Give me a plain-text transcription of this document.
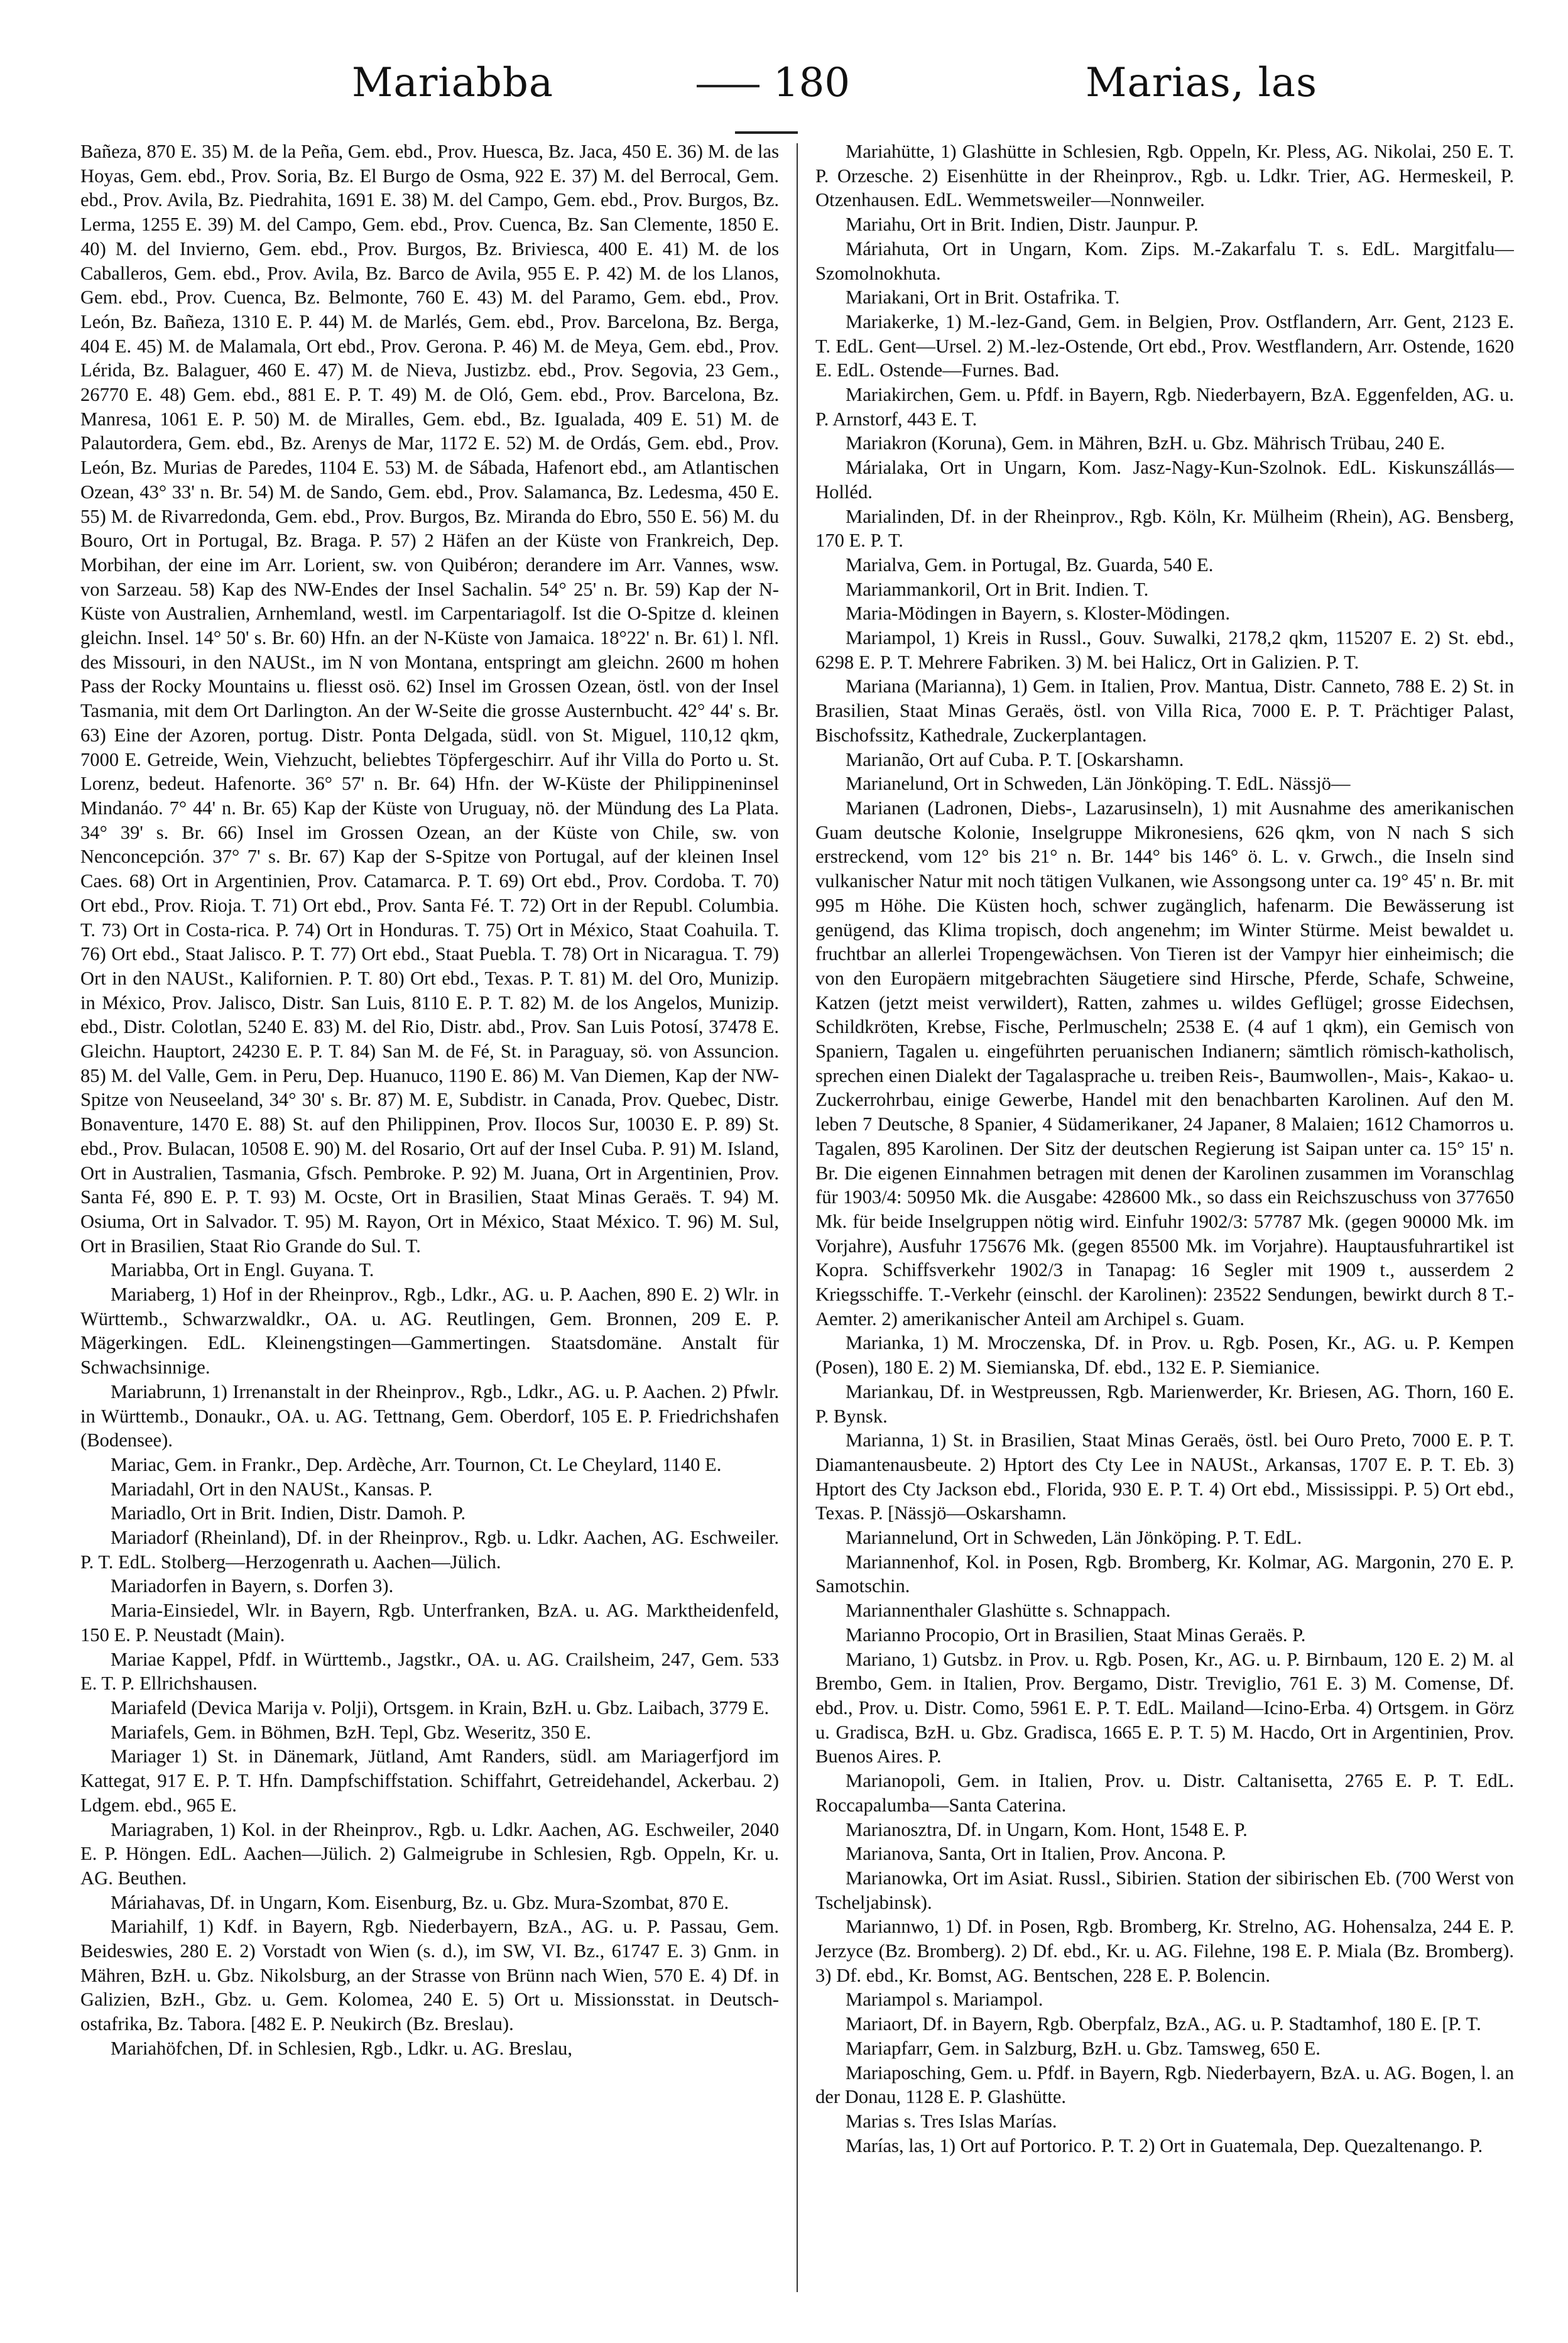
Mariabba	180	Marias, las

Bañeza, 870 E. 35) M. de la Peña, Gem. ebd., Prov. Huesca, Bz. Jaca, 450 E. 36) M. de las Hoyas, Gem. ebd., Prov. Soria, Bz. El Burgo de Osma, 922 E. 37) M. del Berrocal, Gem. ebd., Prov. Avila, Bz. Piedrahita, 1691 E. 38) M. del Campo, Gem. ebd., Prov. Burgos, Bz. Lerma, 1255 E. 39) M. del Campo, Gem. ebd., Prov. Cuenca, Bz. San Clemente, 1850 E. 40) M. del Invierno, Gem. ebd., Prov. Burgos, Bz. Briviesca, 400 E. 41) M. de los Caballeros, Gem. ebd., Prov. Avila, Bz. Barco de Avila, 955 E. P. 42) M. de los Llanos, Gem. ebd., Prov. Cuenca, Bz. Belmonte, 760 E. 43) M. del Paramo, Gem. ebd., Prov. León, Bz. Bañeza, 1310 E. P. 44) M. de Marlés, Gem. ebd., Prov. Barcelona, Bz. Berga, 404 E. 45) M. de Malamala, Ort ebd., Prov. Gerona. P. 46) M. de Meya, Gem. ebd., Prov. Lérida, Bz. Balaguer, 460 E. 47) M. de Nieva, Justizbz. ebd., Prov. Segovia, 23 Gem., 26770 E. 48) Gem. ebd., 881 E. P. T. 49) M. de Oló, Gem. ebd., Prov. Barcelona, Bz. Manresa, 1061 E. P. 50) M. de Miralles, Gem. ebd., Bz. Igualada, 409 E. 51) M. de Palautordera, Gem. ebd., Bz. Arenys de Mar, 1172 E. 52) M. de Ordás, Gem. ebd., Prov. León, Bz. Murias de Paredes, 1104 E. 53) M. de Sábada, Hafenort ebd., am Atlantischen Ozean, 43° 33' n. Br. 54) M. de Sando, Gem. ebd., Prov. Salamanca, Bz. Ledesma, 450 E. 55) M. de Rivarredonda, Gem. ebd., Prov. Burgos, Bz. Miranda do Ebro, 550 E. 56) M. du Bouro, Ort in Portugal, Bz. Braga. P. 57) 2 Häfen an der Küste von Frankreich, Dep. Morbihan, der eine im Arr. Lorient, sw. von Quibéron; derandere im Arr. Vannes, wsw. von Sarzeau. 58) Kap des NW-Endes der Insel Sachalin. 54° 25' n. Br. 59) Kap der N-Küste von Australien, Arnhemland, westl. im Carpentariagolf. Ist die O-Spitze d. kleinen gleichn. Insel. 14° 50' s. Br. 60) Hfn. an der N-Küste von Jamaica. 18°22' n. Br. 61) l. Nfl. des Missouri, in den NAUSt., im N von Montana, entspringt am gleichn. 2600 m hohen Pass der Rocky Mountains u. fliesst osö. 62) Insel im Grossen Ozean, östl. von der Insel Tasmania, mit dem Ort Darlington. An der W-Seite die grosse Austernbucht. 42° 44' s. Br. 63) Eine der Azoren, portug. Distr. Ponta Delgada, südl. von St. Miguel, 110,12 qkm, 7000 E. Getreide, Wein, Viehzucht, beliebtes Töpfergeschirr. Auf ihr Villa do Porto u. St. Lorenz, bedeut. Hafenorte. 36° 57' n. Br. 64) Hfn. der W-Küste der Philippineninsel Mindanáo. 7° 44' n. Br. 65) Kap der Küste von Uruguay, nö. der Mündung des La Plata. 34° 39' s. Br. 66) Insel im Grossen Ozean, an der Küste von Chile, sw. von Nenconcepción. 37° 7' s. Br. 67) Kap der S-Spitze von Portugal, auf der kleinen Insel Caes. 68) Ort in Argentinien, Prov. Catamarca. P. T. 69) Ort ebd., Prov. Cordoba. T. 70) Ort ebd., Prov. Rioja. T. 71) Ort ebd., Prov. Santa Fé. T. 72) Ort in der Republ. Columbia. T. 73) Ort in Costa-rica. P. 74) Ort in Honduras. T. 75) Ort in México, Staat Coahuila. T. 76) Ort ebd., Staat Jalisco. P. T. 77) Ort ebd., Staat Puebla. T. 78) Ort in Nicaragua. T. 79) Ort in den NAUSt., Kalifornien. P. T. 80) Ort ebd., Texas. P. T. 81) M. del Oro, Munizip. in México, Prov. Jalisco, Distr. San Luis, 8110 E. P. T. 82) M. de los Angelos, Munizip. ebd., Distr. Colotlan, 5240 E. 83) M. del Rio, Distr. abd., Prov. San Luis Potosí, 37478 E. Gleichn. Hauptort, 24230 E. P. T. 84) San M. de Fé, St. in Paraguay, sö. von Assuncion. 85) M. del Valle, Gem. in Peru, Dep. Huanuco, 1190 E. 86) M. Van Diemen, Kap der NW-Spitze von Neuseeland, 34° 30' s. Br. 87) M. E, Subdistr. in Canada, Prov. Quebec, Distr. Bonaventure, 1470 E. 88) St. auf den Philippinen, Prov. Ilocos Sur, 10030 E. P. 89) St. ebd., Prov. Bulacan, 10508 E. 90) M. del Rosario, Ort auf der Insel Cuba. P. 91) M. Island, Ort in Australien, Tasmania, Gfsch. Pembroke. P. 92) M. Juana, Ort in Argentinien, Prov. Santa Fé, 890 E. P. T. 93) M. Ocste, Ort in Brasilien, Staat Minas Geraës. T. 94) M. Osiuma, Ort in Salvador. T. 95) M. Rayon, Ort in México, Staat México. T. 96) M. Sul, Ort in Brasilien, Staat Rio Grande do Sul. T.

Mariabba, Ort in Engl. Guyana. T.

Mariaberg, 1) Hof in der Rheinprov., Rgb., Ldkr., AG. u. P. Aachen, 890 E. 2) Wlr. in Württemb., Schwarzwaldkr., OA. u. AG. Reutlingen, Gem. Bronnen, 209 E. P. Mägerkingen. EdL. Kleinengstingen—Gammertingen. Staatsdomäne. Anstalt für Schwachsinnige.

Mariabrunn, 1) Irrenanstalt in der Rheinprov., Rgb., Ldkr., AG. u. P. Aachen. 2) Pfwlr. in Württemb., Donaukr., OA. u. AG. Tettnang, Gem. Oberdorf, 105 E. P. Friedrichshafen (Bodensee).

Mariac, Gem. in Frankr., Dep. Ardèche, Arr. Tournon, Ct. Le Cheylard, 1140 E.

Mariadahl, Ort in den NAUSt., Kansas. P.

Mariadlo, Ort in Brit. Indien, Distr. Damoh. P.

Mariadorf (Rheinland), Df. in der Rheinprov., Rgb. u. Ldkr. Aachen, AG. Eschweiler. P. T. EdL. Stolberg—Herzogenrath u. Aachen—Jülich.

Mariadorfen in Bayern, s. Dorfen 3).

Maria-Einsiedel, Wlr. in Bayern, Rgb. Unterfranken, BzA. u. AG. Marktheidenfeld, 150 E. P. Neustadt (Main).

Mariae Kappel, Pfdf. in Württemb., Jagstkr., OA. u. AG. Crailsheim, 247, Gem. 533 E. T. P. Ellrichshausen.

Mariafeld (Devica Marija v. Polji), Ortsgem. in Krain, BzH. u. Gbz. Laibach, 3779 E.

Mariafels, Gem. in Böhmen, BzH. Tepl, Gbz. Weseritz, 350 E.

Mariager 1) St. in Dänemark, Jütland, Amt Randers, südl. am Mariagerfjord im Kattegat, 917 E. P. T. Hfn. Dampfschiffstation. Schiffahrt, Getreidehandel, Ackerbau. 2) Ldgem. ebd., 965 E.

Mariagraben, 1) Kol. in der Rheinprov., Rgb. u. Ldkr. Aachen, AG. Eschweiler, 2040 E. P. Höngen. EdL. Aachen—Jülich. 2) Galmeigrube in Schlesien, Rgb. Oppeln, Kr. u. AG. Beuthen.

Máriahavas, Df. in Ungarn, Kom. Eisenburg, Bz. u. Gbz. Mura-Szombat, 870 E.

Mariahilf, 1) Kdf. in Bayern, Rgb. Niederbayern, BzA., AG. u. P. Passau, Gem. Beideswies, 280 E. 2) Vorstadt von Wien (s. d.), im SW, VI. Bz., 61747 E. 3) Gnm. in Mähren, BzH. u. Gbz. Nikolsburg, an der Strasse von Brünn nach Wien, 570 E. 4) Df. in Galizien, BzH., Gbz. u. Gem. Kolomea, 240 E. 5) Ort u. Missionsstat. in Deutsch-ostafrika, Bz. Tabora. [482 E. P. Neukirch (Bz. Breslau).

Mariahöfchen, Df. in Schlesien, Rgb., Ldkr. u. AG. Breslau,

Mariahütte, 1) Glashütte in Schlesien, Rgb. Oppeln, Kr. Pless, AG. Nikolai, 250 E. T. P. Orzesche. 2) Eisenhütte in der Rheinprov., Rgb. u. Ldkr. Trier, AG. Hermeskeil, P. Otzenhausen. EdL. Wemmetsweiler—Nonnweiler.

Mariahu, Ort in Brit. Indien, Distr. Jaunpur. P.

Máriahuta, Ort in Ungarn, Kom. Zips. M.-Zakarfalu T. s. EdL. Margitfalu—Szomolnokhuta.

Mariakani, Ort in Brit. Ostafrika. T.

Mariakerke, 1) M.-lez-Gand, Gem. in Belgien, Prov. Ostflandern, Arr. Gent, 2123 E. T. EdL. Gent—Ursel. 2) M.-lez-Ostende, Ort ebd., Prov. Westflandern, Arr. Ostende, 1620 E. EdL. Ostende—Furnes. Bad.

Mariakirchen, Gem. u. Pfdf. in Bayern, Rgb. Niederbayern, BzA. Eggenfelden, AG. u. P. Arnstorf, 443 E. T.

Mariakron (Koruna), Gem. in Mähren, BzH. u. Gbz. Mährisch Trübau, 240 E.

Márialaka, Ort in Ungarn, Kom. Jasz-Nagy-Kun-Szolnok. EdL. Kiskunszállás—Holléd.

Marialinden, Df. in der Rheinprov., Rgb. Köln, Kr. Mülheim (Rhein), AG. Bensberg, 170 E. P. T.

Marialva, Gem. in Portugal, Bz. Guarda, 540 E.

Mariammankoril, Ort in Brit. Indien. T.

Maria-Mödingen in Bayern, s. Kloster-Mödingen.

Mariampol, 1) Kreis in Russl., Gouv. Suwalki, 2178,2 qkm, 115207 E. 2) St. ebd., 6298 E. P. T. Mehrere Fabriken. 3) M. bei Halicz, Ort in Galizien. P. T.

Mariana (Marianna), 1) Gem. in Italien, Prov. Mantua, Distr. Canneto, 788 E. 2) St. in Brasilien, Staat Minas Geraës, östl. von Villa Rica, 7000 E. P. T. Prächtiger Palast, Bischofssitz, Kathedrale, Zuckerplantagen.

Marianão, Ort auf Cuba. P. T. [Oskarshamn.

Marianelund, Ort in Schweden, Län Jönköping. T. EdL. Nässjö—

Marianen (Ladronen, Diebs-, Lazarusinseln), 1) mit Ausnahme des amerikanischen Guam deutsche Kolonie, Inselgruppe Mikronesiens, 626 qkm, von N nach S sich erstreckend, vom 12° bis 21° n. Br. 144° bis 146° ö. L. v. Grwch., die Inseln sind vulkanischer Natur mit noch tätigen Vulkanen, wie Assongsong unter ca. 19° 45' n. Br. mit 995 m Höhe. Die Küsten hoch, schwer zugänglich, hafenarm. Die Bewässerung ist genügend, das Klima tropisch, doch angenehm; im Winter Stürme. Meist bewaldet u. fruchtbar an allerlei Tropengewächsen. Von Tieren ist der Vampyr hier einheimisch; die von den Europäern mitgebrachten Säugetiere sind Hirsche, Pferde, Schafe, Schweine, Katzen (jetzt meist verwildert), Ratten, zahmes u. wildes Geflügel; grosse Eidechsen, Schildkröten, Krebse, Fische, Perlmuscheln; 2538 E. (4 auf 1 qkm), ein Gemisch von Spaniern, Tagalen u. eingeführten peruanischen Indianern; sämtlich römisch-katholisch, sprechen einen Dialekt der Tagalasprache u. treiben Reis-, Baumwollen-, Mais-, Kakao- u. Zuckerrohrbau, einige Gewerbe, Handel mit den benachbarten Karolinen. Auf den M. leben 7 Deutsche, 8 Spanier, 4 Südamerikaner, 24 Japaner, 8 Malaien; 1612 Chamorros u. Tagalen, 895 Karolinen. Der Sitz der deutschen Regierung ist Saipan unter ca. 15° 15' n. Br. Die eigenen Einnahmen betragen mit denen der Karolinen zusammen im Voranschlag für 1903/4: 50950 Mk. die Ausgabe: 428600 Mk., so dass ein Reichszuschuss von 377650 Mk. für beide Inselgruppen nötig wird. Einfuhr 1902/3: 57787 Mk. (gegen 90000 Mk. im Vorjahre), Ausfuhr 175676 Mk. (gegen 85500 Mk. im Vorjahre). Hauptausfuhrartikel ist Kopra. Schiffsverkehr 1902/3 in Tanapag: 16 Segler mit 1909 t., ausserdem 2 Kriegsschiffe. T.-Verkehr (einschl. der Karolinen): 23522 Sendungen, bewirkt durch 8 T.-Aemter. 2) amerikanischer Anteil am Archipel s. Guam.

Marianka, 1) M. Mroczenska, Df. in Prov. u. Rgb. Posen, Kr., AG. u. P. Kempen (Posen), 180 E. 2) M. Siemianska, Df. ebd., 132 E. P. Siemianice.

Mariankau, Df. in Westpreussen, Rgb. Marienwerder, Kr. Briesen, AG. Thorn, 160 E. P. Bynsk.

Marianna, 1) St. in Brasilien, Staat Minas Geraës, östl. bei Ouro Preto, 7000 E. P. T. Diamantenausbeute. 2) Hptort des Cty Lee in NAUSt., Arkansas, 1707 E. P. T. Eb. 3) Hptort des Cty Jackson ebd., Florida, 930 E. P. T. 4) Ort ebd., Mississippi. P. 5) Ort ebd., Texas. P. [Nässjö—Oskarshamn.

Mariannelund, Ort in Schweden, Län Jönköping. P. T. EdL.

Mariannenhof, Kol. in Posen, Rgb. Bromberg, Kr. Kolmar, AG. Margonin, 270 E. P. Samotschin.

Mariannenthaler Glashütte s. Schnappach.

Marianno Procopio, Ort in Brasilien, Staat Minas Geraës. P.

Mariano, 1) Gutsbz. in Prov. u. Rgb. Posen, Kr., AG. u. P. Birnbaum, 120 E. 2) M. al Brembo, Gem. in Italien, Prov. Bergamo, Distr. Treviglio, 761 E. 3) M. Comense, Df. ebd., Prov. u. Distr. Como, 5961 E. P. T. EdL. Mailand—Icino-Erba. 4) Ortsgem. in Görz u. Gradisca, BzH. u. Gbz. Gradisca, 1665 E. P. T. 5) M. Hacdo, Ort in Argentinien, Prov. Buenos Aires. P.

Marianopoli, Gem. in Italien, Prov. u. Distr. Caltanisetta, 2765 E. P. T. EdL. Roccapalumba—Santa Caterina.

Marianosztra, Df. in Ungarn, Kom. Hont, 1548 E. P.

Marianova, Santa, Ort in Italien, Prov. Ancona. P.

Marianowka, Ort im Asiat. Russl., Sibirien. Station der sibirischen Eb. (700 Werst von Tscheljabinsk).

Mariannwo, 1) Df. in Posen, Rgb. Bromberg, Kr. Strelno, AG. Hohensalza, 244 E. P. Jerzyce (Bz. Bromberg). 2) Df. ebd., Kr. u. AG. Filehne, 198 E. P. Miala (Bz. Bromberg). 3) Df. ebd., Kr. Bomst, AG. Bentschen, 228 E. P. Bolencin.

Mariampol s. Mariampol.

Mariaort, Df. in Bayern, Rgb. Oberpfalz, BzA., AG. u. P. Stadtamhof, 180 E. [P. T.

Mariapfarr, Gem. in Salzburg, BzH. u. Gbz. Tamsweg, 650 E.

Mariaposching, Gem. u. Pfdf. in Bayern, Rgb. Niederbayern, BzA. u. AG. Bogen, l. an der Donau, 1128 E. P. Glashütte.

Marias s. Tres Islas Marías.

Marías, las, 1) Ort auf Portorico. P. T. 2) Ort in Guatemala, Dep. Quezaltenango. P.
